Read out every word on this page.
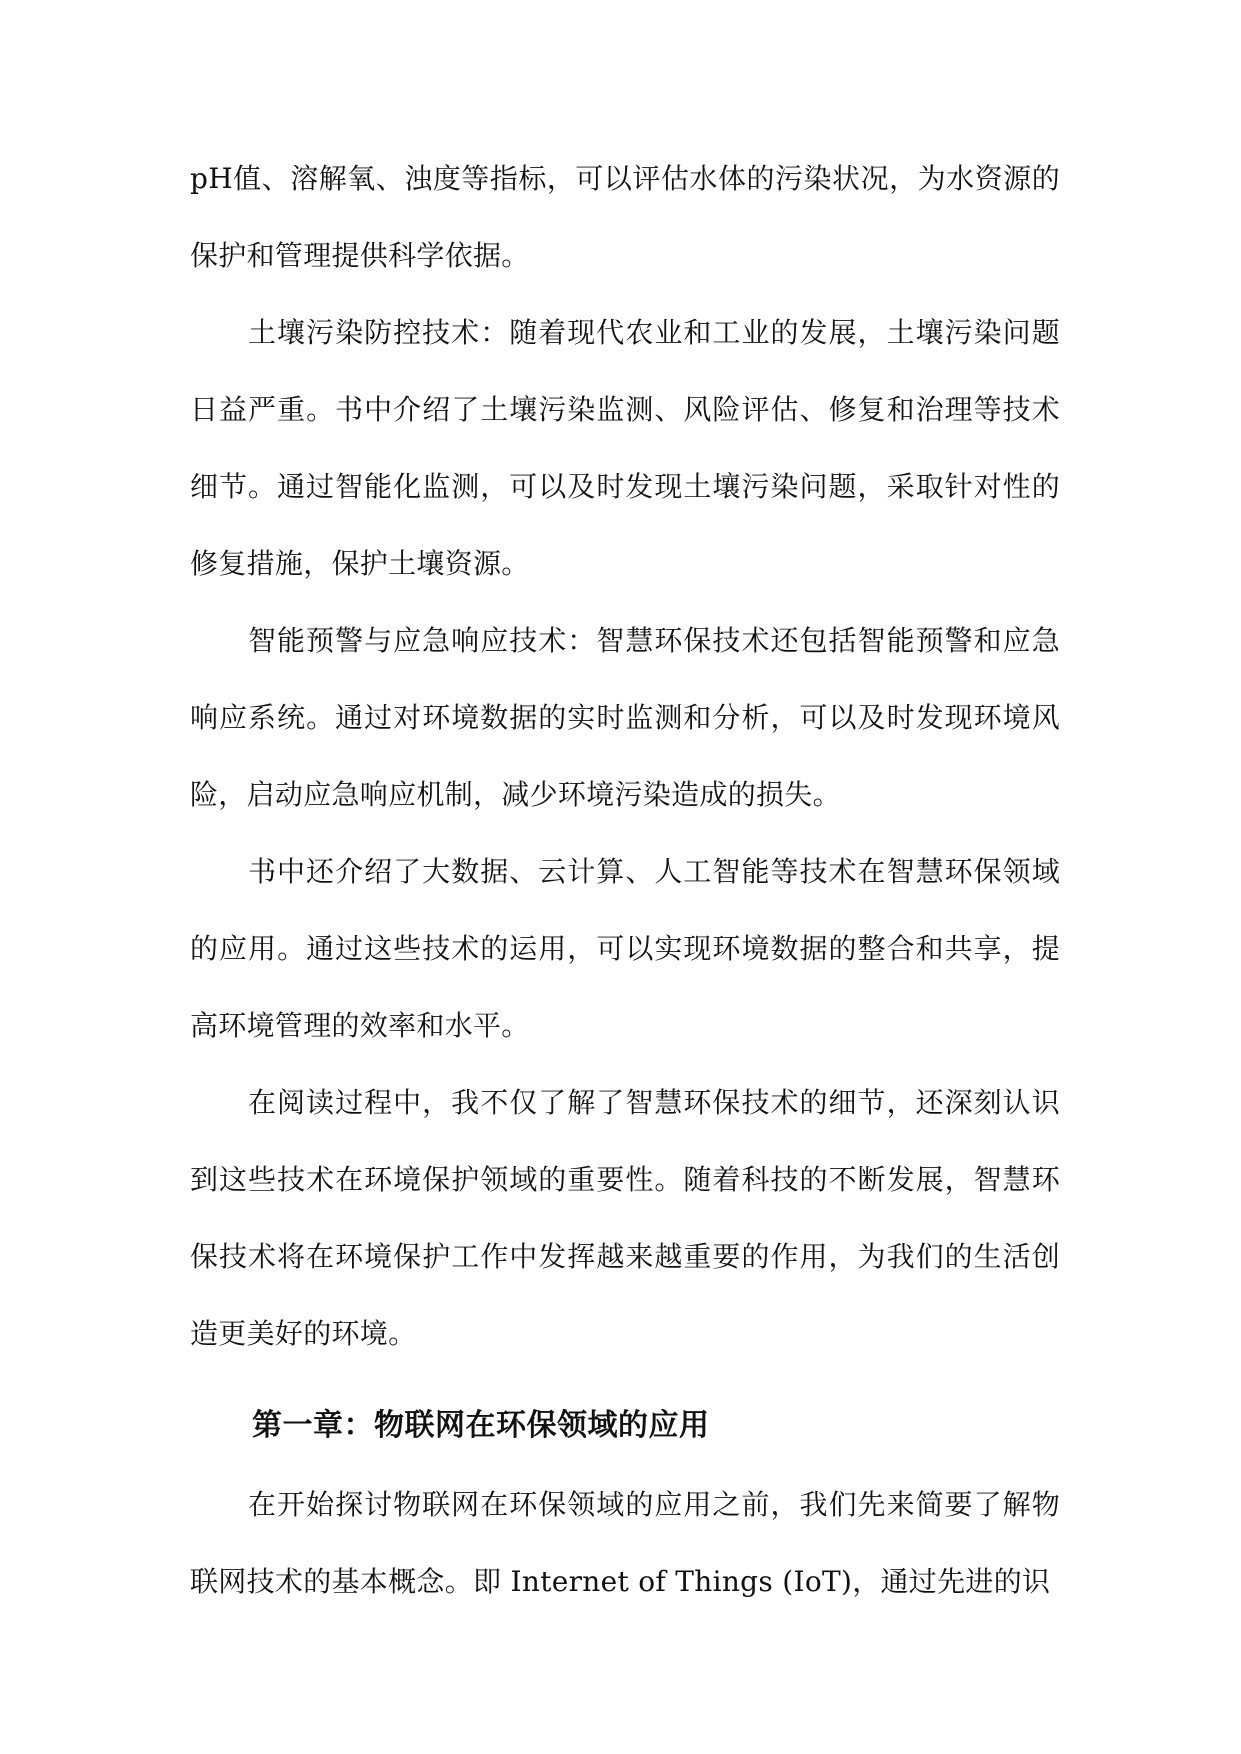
pH值、溶解氧、浊度等指标，可以评估水体的污染状况，为水资源的保护和管理提供科学依据。

土壤污染防控技术：随着现代农业和工业的发展，土壤污染问题日益严重。书中介绍了土壤污染监测、风险评估、修复和治理等技术细节。通过智能化监测，可以及时发现土壤污染问题，采取针对性的修复措施，保护土壤资源。

智能预警与应急响应技术：智慧环保技术还包括智能预警和应急响应系统。通过对环境数据的实时监测和分析，可以及时发现环境风险，启动应急响应机制，减少环境污染造成的损失。

书中还介绍了大数据、云计算、人工智能等技术在智慧环保领域的应用。通过这些技术的运用，可以实现环境数据的整合和共享，提高环境管理的效率和水平。

在阅读过程中，我不仅了解了智慧环保技术的细节，还深刻认识到这些技术在环境保护领域的重要性。随着科技的不断发展，智慧环保技术将在环境保护工作中发挥越来越重要的作用，为我们的生活创造更美好的环境。

第一章：物联网在环保领域的应用

在开始探讨物联网在环保领域的应用之前，我们先来简要了解物联网技术的基本概念。即 Internet of Things (IoT)，通过先进的识
